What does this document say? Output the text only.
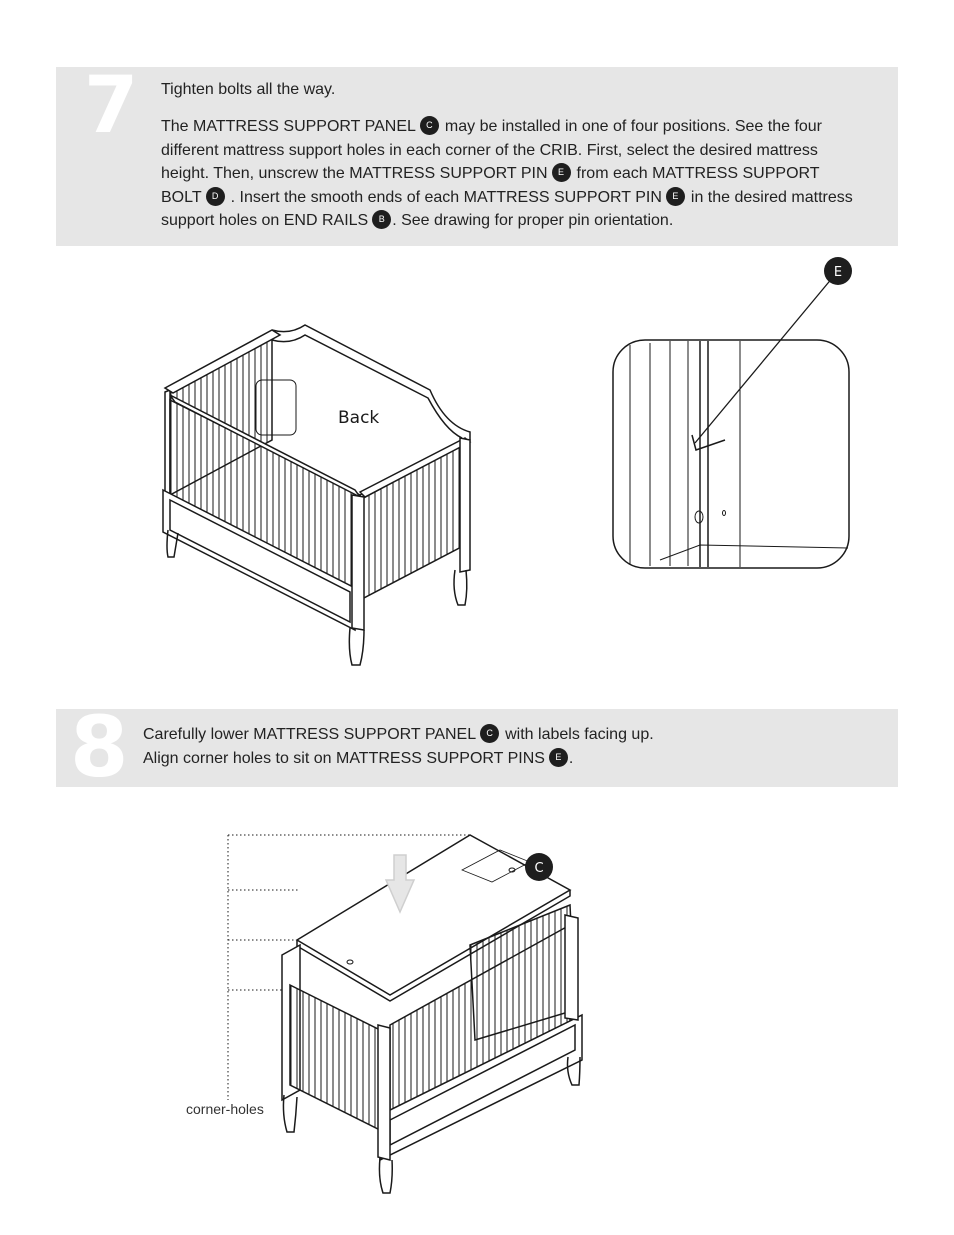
7 Tighten bolts all the way.
The MATTRESS SUPPORT PANEL C may be installed in one of four positions. See the four different mattress support holes in each corner of the CRIB. First, select the desired mattress height. Then, unscrew the MATTRESS SUPPORT PIN E from each MATTRESS SUPPORT BOLT D . Insert the smooth ends of each MATTRESS SUPPORT PIN E in the desired mattress support holes on END RAILS B . See drawing for proper pin orientation.
8 Carefully lower MATTRESS SUPPORT PANEL C with labels facing up.
Align corner holes to sit on MATTRESS SUPPORT PINS E .
Back
E
C
corner-holes
